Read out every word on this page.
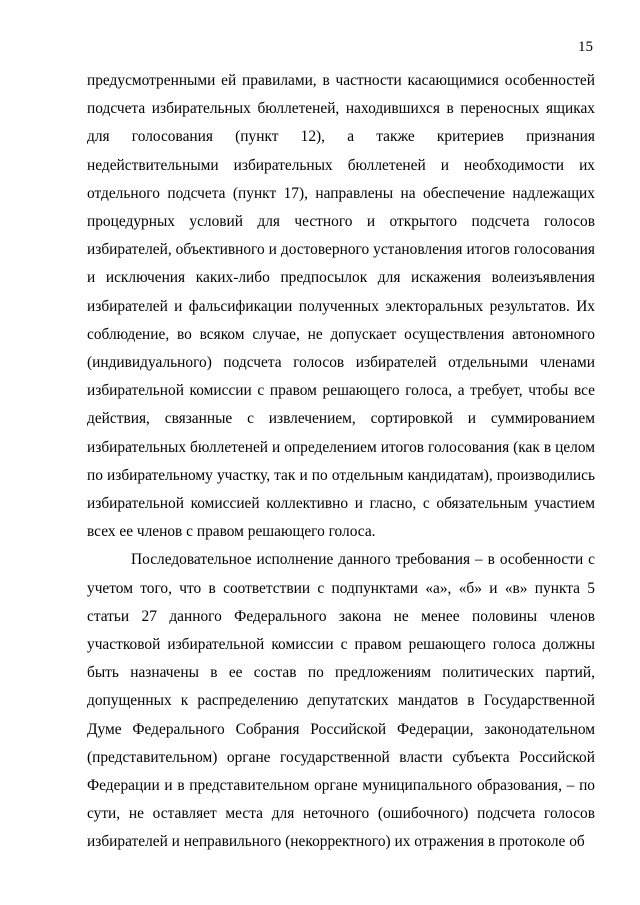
15

предусмотренными ей правилами, в частности касающимися особенностей подсчета избирательных бюллетеней, находившихся в переносных ящиках для голосования (пункт 12), а также критериев признания недействительными избирательных бюллетеней и необходимости их отдельного подсчета (пункт 17), направлены на обеспечение надлежащих процедурных условий для честного и открытого подсчета голосов избирателей, объективного и достоверного установления итогов голосования и исключения каких-либо предпосылок для искажения волеизъявления избирателей и фальсификации полученных электоральных результатов. Их соблюдение, во всяком случае, не допускает осуществления автономного (индивидуального) подсчета голосов избирателей отдельными членами избирательной комиссии с правом решающего голоса, а требует, чтобы все действия, связанные с извлечением, сортировкой и суммированием избирательных бюллетеней и определением итогов голосования (как в целом по избирательному участку, так и по отдельным кандидатам), производились избирательной комиссией коллективно и гласно, с обязательным участием всех ее членов с правом решающего голоса.

Последовательное исполнение данного требования – в особенности с учетом того, что в соответствии с подпунктами «а», «б» и «в» пункта 5 статьи 27 данного Федерального закона не менее половины членов участковой избирательной комиссии с правом решающего голоса должны быть назначены в ее состав по предложениям политических партий, допущенных к распределению депутатских мандатов в Государственной Думе Федерального Собрания Российской Федерации, законодательном (представительном) органе государственной власти субъекта Российской Федерации и в представительном органе муниципального образования, – по сути, не оставляет места для неточного (ошибочного) подсчета голосов избирателей и неправильного (некорректного) их отражения в протоколе об
